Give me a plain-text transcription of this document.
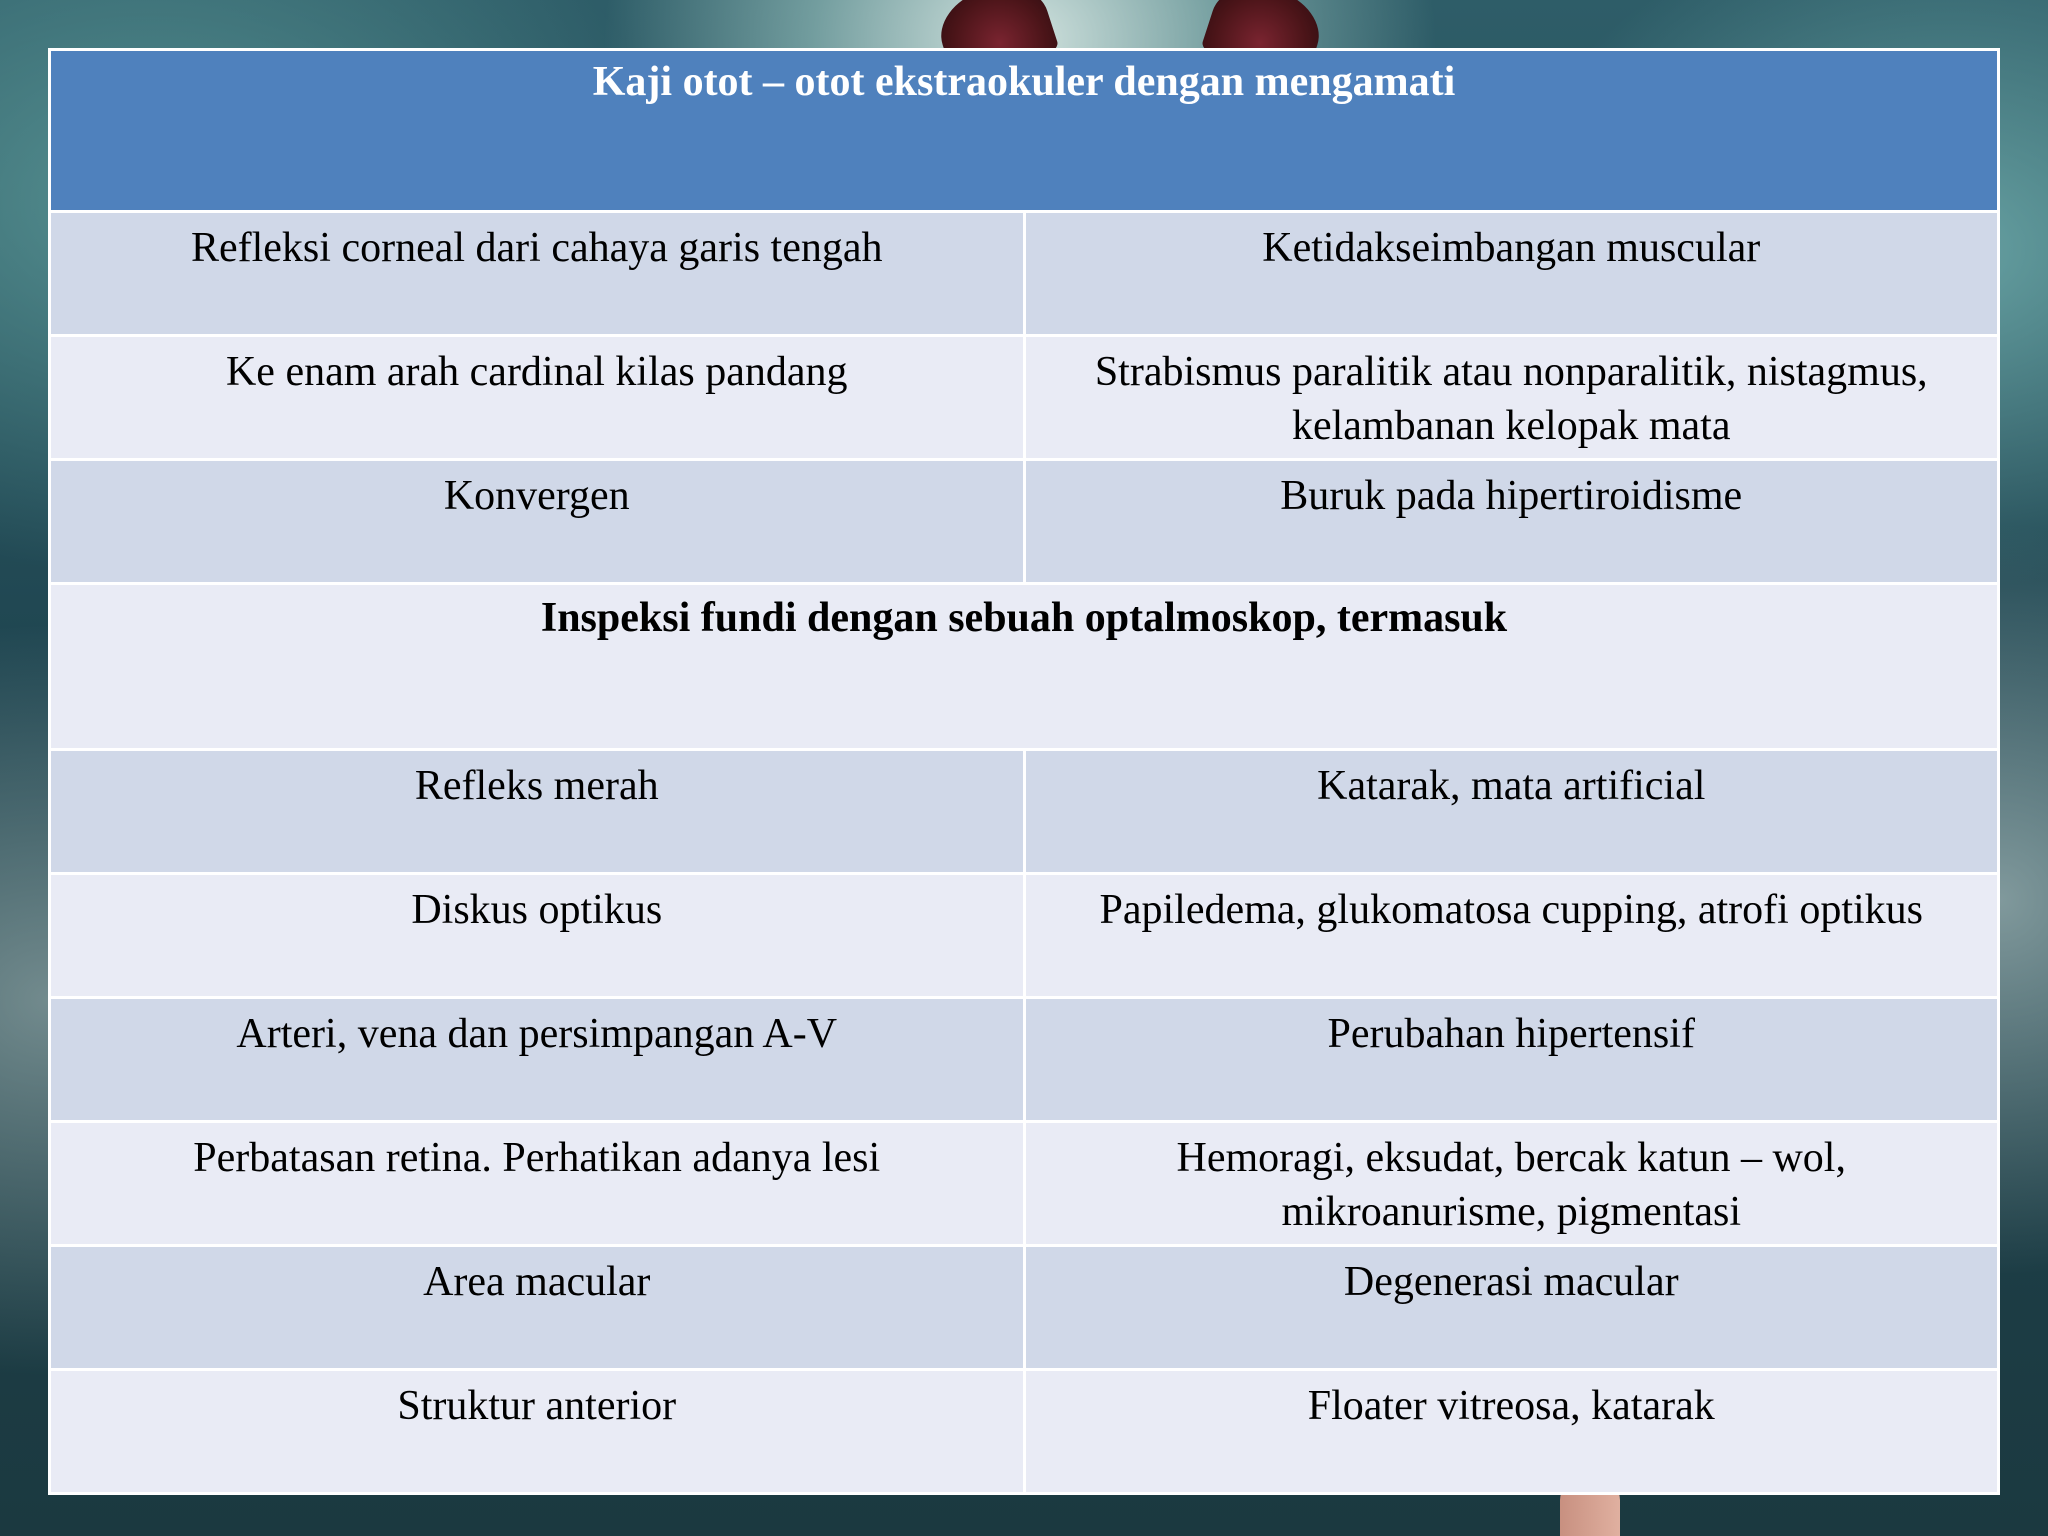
Kaji otot – otot ekstraokuler dengan mengamati	
Refleksi corneal dari cahaya garis tengah	Ketidakseimbangan muscular
Ke enam arah cardinal kilas pandang	Strabismus paralitik atau nonparalitik, nistagmus, kelambanan kelopak mata
Konvergen	Buruk pada hipertiroidisme
Inspeksi fundi dengan sebuah optalmoskop, termasuk	
Refleks merah	Katarak, mata artificial
Diskus optikus	Papiledema, glukomatosa cupping, atrofi optikus
Arteri, vena dan persimpangan A-V	Perubahan hipertensif
Perbatasan retina. Perhatikan adanya lesi	Hemoragi, eksudat, bercak katun – wol, mikroanurisme, pigmentasi
Area macular	Degenerasi macular
Struktur anterior	Floater vitreosa, katarak
